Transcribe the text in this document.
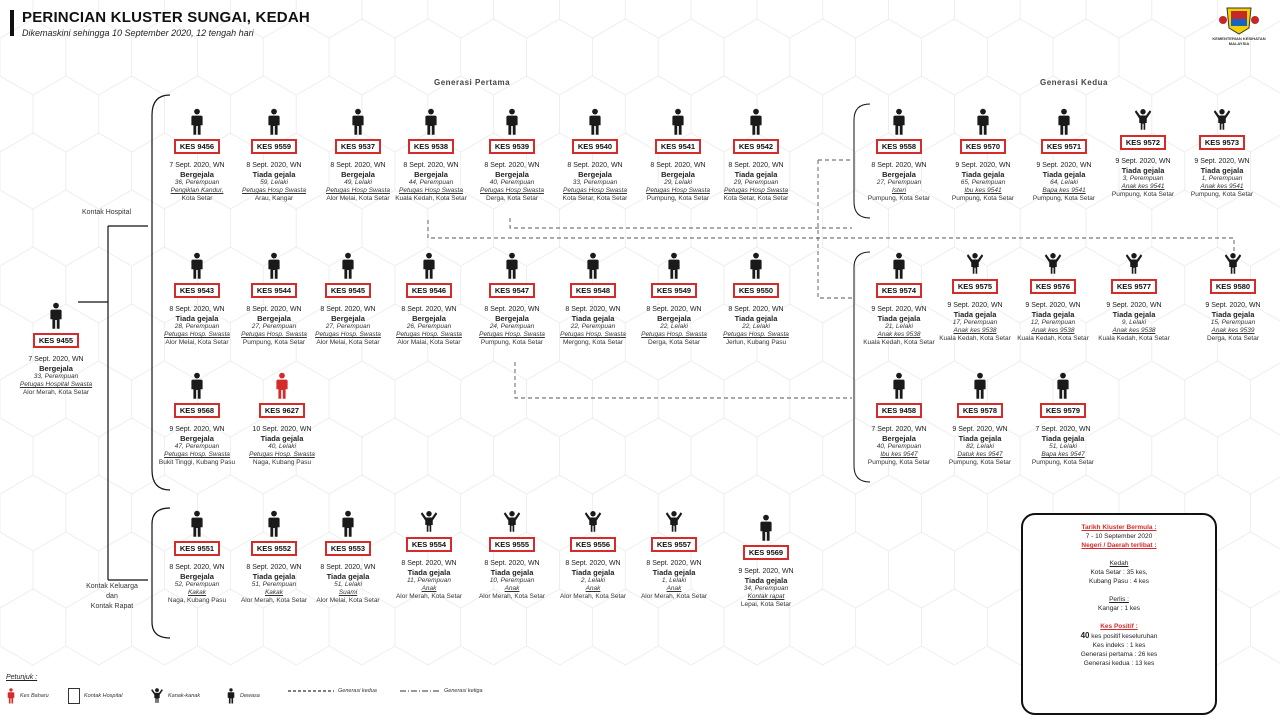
PERINCIAN KLUSTER SUNGAI, KEDAH
Dikemaskini sehingga 10 September 2020, 12 tengah hari
KEMENTERIAN KESIHATAN MALAYSIA
Generasi Pertama	Generasi Kedua
Kontak Hospital
Kontak Keluarga
dan
Kontak Rapat
KES 9455
7 Sept. 2020, WN
Bergejala
33, Perempuan
Petugas Hospital Swasta
Alor Merah, Kota Setar
KES 9456
7 Sept. 2020, WN
Bergejala
36, Perempuan
Pengiklan Kandur,
Kota Setar
KES 9559
8 Sept. 2020, WN
Tiada gejala
59, Lelaki
Petugas Hosp Swasta
Arau, Kangar
KES 9537
8 Sept. 2020, WN
Bergejala
49, Lelaki
Petugas Hosp Swasta
Alor Melai, Kota Setar
KES 9538
8 Sept. 2020, WN
Bergejala
44, Perempuan
Petugas Hosp Swasta
Kuala Kedah, Kota Setar
KES 9539
8 Sept. 2020, WN
Bergejala
40, Perempuan
Petugas Hosp Swasta
Derga, Kota Setar
KES 9540
8 Sept. 2020, WN
Bergejala
33, Perempuan
Petugas Hosp Swasta
Kota Setar, Kota Setar
KES 9541
8 Sept. 2020, WN
Bergejala
29, Lelaki
Petugas Hosp Swasta
Pumpung, Kota Setar
KES 9542
8 Sept. 2020, WN
Tiada gejala
29, Perempuan
Petugas Hosp Swasta
Kota Setar, Kota Setar
KES 9543
8 Sept. 2020, WN
Tiada gejala
28, Perempuan
Petugas Hosp. Swasta
Alor Melai, Kota Setar
KES 9544
8 Sept. 2020, WN
Bergejala
27, Perempuan
Petugas Hosp. Swasta
Pumpung, Kota Setar
KES 9545
8 Sept. 2020, WN
Bergejala
27, Perempuan
Petugas Hosp. Swasta
Alor Melai, Kota Setar
KES 9546
8 Sept. 2020, WN
Bergejala
26, Perempuan
Petugas Hosp. Swasta
Alor Malai, Kota Setar
KES 9547
8 Sept. 2020, WN
Bergejala
24, Perempuan
Petugas Hosp. Swasta
Pumpung, Kota Setar
KES 9548
8 Sept. 2020, WN
Tiada gejala
22, Perempuan
Petugas Hosp. Swasta
Mergong, Kota Setar
KES 9549
8 Sept. 2020, WN
Bergejala
22, Lelaki
Petugas Hosp. Swasta
Derga, Kota Setar
KES 9550
8 Sept. 2020, WN
Tiada gejala
22, Lelaki
Petugas Hosp. Swasta
Jerlun, Kubang Pasu
KES 9568
9 Sept. 2020, WN
Bergejala
47, Perempuan
Petugas Hosp. Swasta
Bukit Tinggi, Kubang Pasu
KES 9627
10 Sept. 2020, WN
Tiada gejala
40, Lelaki
Petugas Hosp. Swasta
Naga, Kubang Pasu
KES 9551
8 Sept. 2020, WN
Bergejala
52, Perempuan
Kakak
Naga, Kubang Pasu
KES 9552
8 Sept. 2020, WN
Tiada gejala
51, Perempuan
Kakak
Alor Merah, Kota Setar
KES 9553
8 Sept. 2020, WN
Tiada gejala
51, Lelaki
Suami
Alor Melai, Kota Setar
KES 9554
8 Sept. 2020, WN
Tiada gejala
11, Perempuan
Anak
Alor Merah, Kota Setar
KES 9555
8 Sept. 2020, WN
Tiada gejala
10, Perempuan
Anak
Alor Merah, Kota Setar
KES 9556
8 Sept. 2020, WN
Tiada gejala
2, Lelaki
Anak
Alor Merah, Kota Setar
KES 9557
8 Sept. 2020, WN
Tiada gejala
1, Lelaki
Anak
Alor Merah, Kota Setar
KES 9569
9 Sept. 2020, WN
Tiada gejala
34, Perempuan
Kontak rapat
Lepai, Kota Setar
KES 9558
8 Sept. 2020, WN
Bergejala
27, Perempuan
Isteri
Pumpung, Kota Setar
KES 9570
9 Sept. 2020, WN
Tiada gejala
65, Perempuan
Ibu kes 9541
Pumpung, Kota Setar
KES 9571
9 Sept. 2020, WN
Tiada gejala
64, Lelaki
Bapa kes 9541
Pumpung, Kota Setar
KES 9572
9 Sept. 2020, WN
Tiada gejala
3, Perempuan
Anak kes 9541
Pumpung, Kota Setar
KES 9573
9 Sept. 2020, WN
Tiada gejala
1, Perempuan
Anak kes 9541
Pumpung, Kota Setar
KES 9574
9 Sept. 2020, WN
Tiada gejala
21, Lelaki
Anak kes 9538
Kuala Kedah, Kota Setar
KES 9575
9 Sept. 2020, WN
Tiada gejala
17, Perempuan
Anak kes 9538
Kuala Kedah, Kota Setar
KES 9576
9 Sept. 2020, WN
Tiada gejala
12, Perempuan
Anak kes 9538
Kuala Kedah, Kota Setar
KES 9577
9 Sept. 2020, WN
Tiada gejala
9, Lelaki
Anak kes 9538
Kuala Kedah, Kota Setar
KES 9580
9 Sept. 2020, WN
Tiada gejala
15, Perempuan
Anak kes 9539
Derga, Kota Setar
KES 9458
7 Sept. 2020, WN
Bergejala
40, Perempuan
Ibu kes 9547
Pumpung, Kota Setar
KES 9578
9 Sept. 2020, WN
Tiada gejala
82, Lelaki
Datuk kes 9547
Pumpung, Kota Setar
KES 9579
7 Sept. 2020, WN
Tiada gejala
51, Lelaki
Bapa kes 9547
Pumpung, Kota Setar
Tarikh Kluster Bermula :
7 - 10 September 2020
Negeri / Daerah terlibat :
Kedah
Kota Setar : 35 kes,
Kubang Pasu : 4 kes
Perlis :
Kangar : 1 kes
Kes Positif :
40 kes positif keseluruhan
Kes indeks : 1 kes
Generasi pertama : 26 kes
Generasi kedua : 13 kes
Petunjuk :
Kes Baharu	Kontak Hospital	Kanak-kanak	Dewasa
Generasi kedua	Generasi ketiga
